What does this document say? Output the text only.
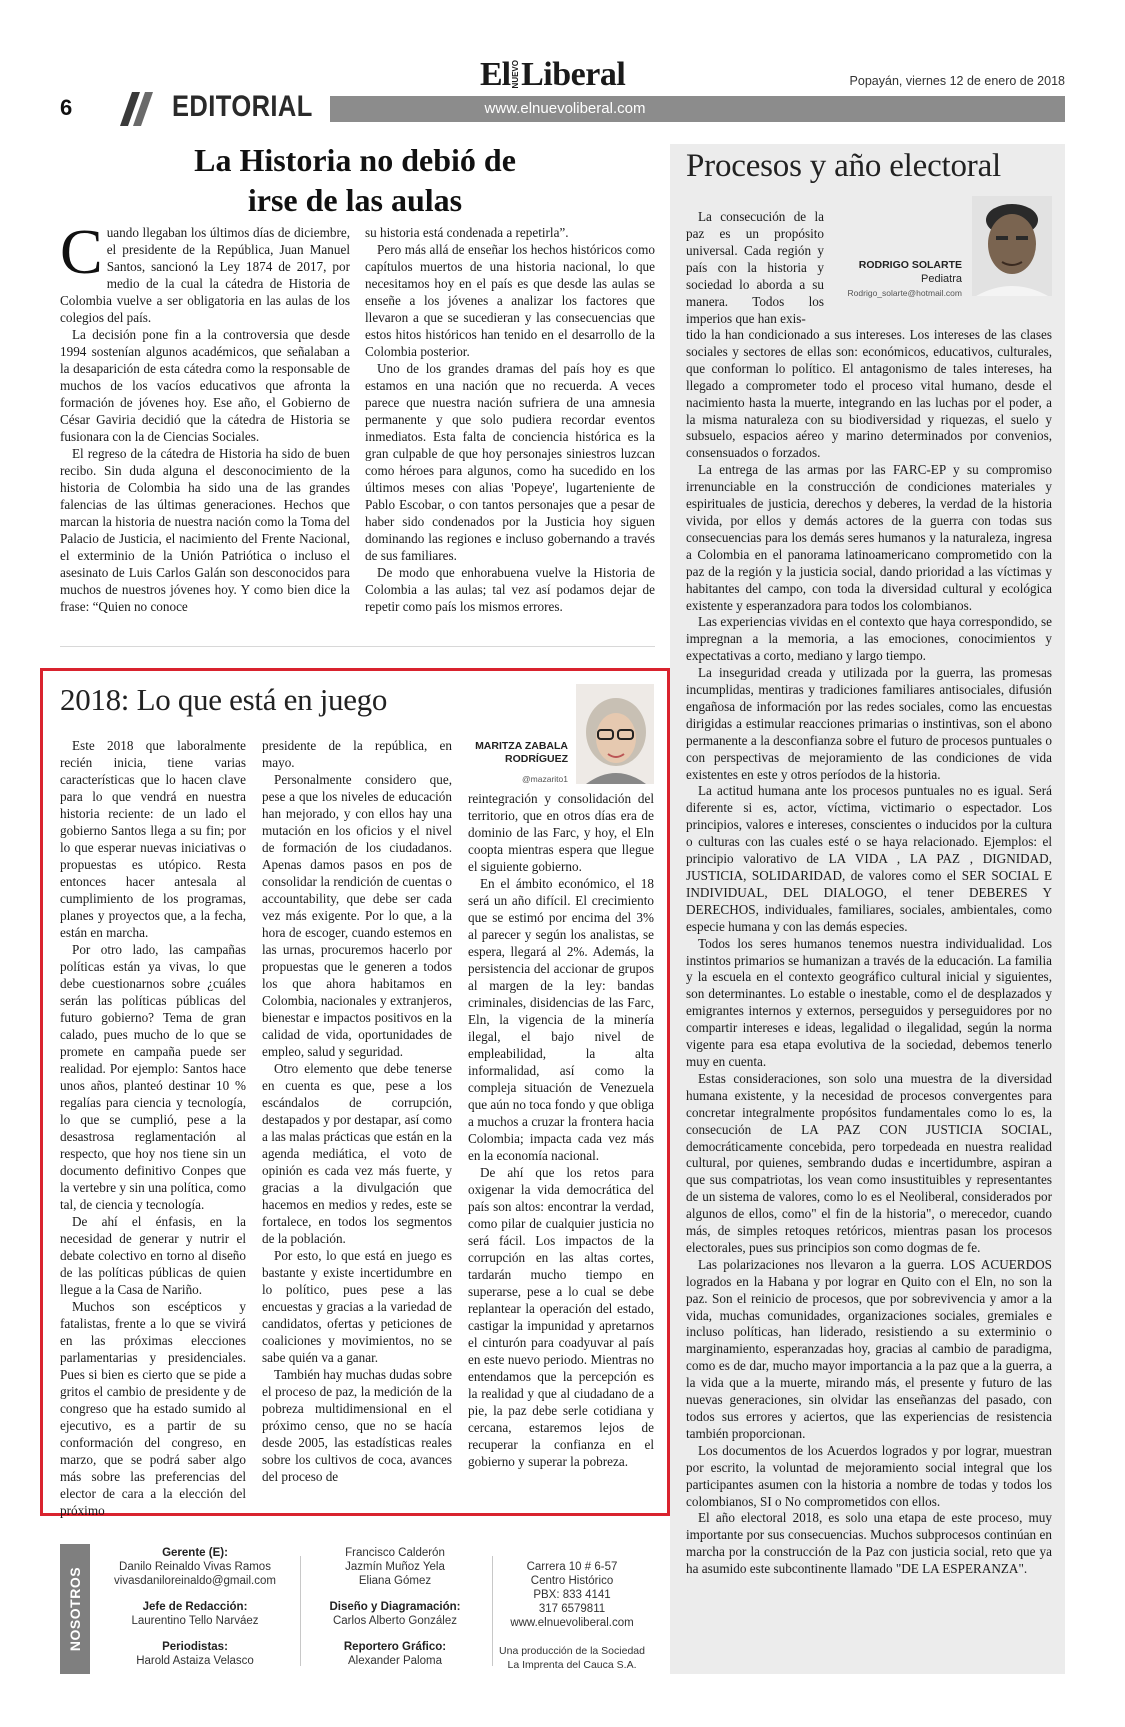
6	EDITORIAL	www.elnuevoliberal.com
El NUEVO Liberal	Popayán, viernes 12 de enero de 2018
La Historia no debió de
irse de las aulas

Cuando llegaban los últimos días de diciembre, el presidente de la República, Juan Manuel Santos, sancionó la Ley 1874 de 2017, por medio de la cual la cátedra de Historia de Colombia vuelve a ser obligatoria en las aulas de los colegios del país.

La decisión pone fin a la controversia que desde 1994 sostenían algunos académicos, que señalaban a la desaparición de esta cátedra como la responsable de muchos de los vacíos educativos que afronta la formación de jóvenes hoy. Ese año, el Gobierno de César Gaviria decidió que la cátedra de Historia se fusionara con la de Ciencias Sociales.

El regreso de la cátedra de Historia ha sido de buen recibo. Sin duda alguna el desconocimiento de la historia de Colombia ha sido una de las grandes falencias de las últimas generaciones. Hechos que marcan la historia de nuestra nación como la Toma del Palacio de Justicia, el nacimiento del Frente Nacional, el exterminio de la Unión Patriótica o incluso el asesinato de Luis Carlos Galán son desconocidos para muchos de nuestros jóvenes hoy. Y como bien dice la frase: “Quien no conoce

su historia está condenada a repetirla”.

Pero más allá de enseñar los hechos históricos como capítulos muertos de una historia nacional, lo que necesitamos hoy en el país es que desde las aulas se enseñe a los jóvenes a analizar los factores que llevaron a que se sucedieran y las consecuencias que estos hitos históricos han tenido en el desarrollo de la Colombia posterior.

Uno de los grandes dramas del país hoy es que estamos en una nación que no recuerda. A veces parece que nuestra nación sufriera de una amnesia permanente y que solo pudiera recordar eventos inmediatos. Esta falta de conciencia histórica es la gran culpable de que hoy personajes siniestros luzcan como héroes para algunos, como ha sucedido en los últimos meses con alias 'Popeye', lugarteniente de Pablo Escobar, o con tantos personajes que a pesar de haber sido condenados por la Justicia hoy siguen dominando las regiones e incluso gobernando a través de sus familiares.

De modo que enhorabuena vuelve la Historia de Colombia a las aulas; tal vez así podamos dejar de repetir como país los mismos errores.

2018: Lo que está en juego
MARITZA ZABALA
RODRÍGUEZ
@mazarito1

Este 2018 que laboralmente recién inicia, tiene varias características que lo hacen clave para lo que vendrá en nuestra historia reciente: de un lado el gobierno Santos llega a su fin; por lo que esperar nuevas iniciativas o propuestas es utópico. Resta entonces hacer antesala al cumplimiento de los programas, planes y proyectos que, a la fecha, están en marcha.

Por otro lado, las campañas políticas están ya vivas, lo que debe cuestionarnos sobre ¿cuáles serán las políticas públicas del futuro gobierno? Tema de gran calado, pues mucho de lo que se promete en campaña puede ser realidad. Por ejemplo: Santos hace unos años, planteó destinar 10 % regalías para ciencia y tecnología, lo que se cumplió, pese a la desastrosa reglamentación al respecto, que hoy nos tiene sin un documento definitivo Conpes que la vertebre y sin una política, como tal, de ciencia y tecnología.

De ahí el énfasis, en la necesidad de generar y nutrir el debate colectivo en torno al diseño de las políticas públicas de quien llegue a la Casa de Nariño.

Muchos son escépticos y fatalistas, frente a lo que se vivirá en las próximas elecciones parlamentarias y presidenciales. Pues si bien es cierto que se pide a gritos el cambio de presidente y de congreso que ha estado sumido al ejecutivo, es a partir de su conformación del congreso, en marzo, que se podrá saber algo más sobre las preferencias del elector de cara a la elección del próximo

presidente de la república, en mayo.

Personalmente considero que, pese a que los niveles de educación han mejorado, y con ellos hay una mutación en los oficios y el nivel de formación de los ciudadanos. Apenas damos pasos en pos de consolidar la rendición de cuentas o accountability, que debe ser cada vez más exigente. Por lo que, a la hora de escoger, cuando estemos en las urnas, procuremos hacerlo por propuestas que le generen a todos los que ahora habitamos en Colombia, nacionales y extranjeros, bienestar e impactos positivos en la calidad de vida, oportunidades de empleo, salud y seguridad.

Otro elemento que debe tenerse en cuenta es que, pese a los escándalos de corrupción, destapados y por destapar, así como a las malas prácticas que están en la agenda mediática, el voto de opinión es cada vez más fuerte, y gracias a la divulgación que hacemos en medios y redes, este se fortalece, en todos los segmentos de la población.

Por esto, lo que está en juego es bastante y existe incertidumbre en lo político, pues pese a las encuestas y gracias a la variedad de candidatos, ofertas y peticiones de coaliciones y movimientos, no se sabe quién va a ganar.

También hay muchas dudas sobre el proceso de paz, la medición de la pobreza multidimensional en el próximo censo, que no se hacía desde 2005, las estadísticas reales sobre los cultivos de coca, avances del proceso de

reintegración y consolidación del territorio, que en otros días era de dominio de las Farc, y hoy, el Eln coopta mientras espera que llegue el siguiente gobierno.

En el ámbito económico, el 18 será un año difícil. El crecimiento que se estimó por encima del 3% al parecer y según los analistas, se espera, llegará al 2%. Además, la persistencia del accionar de grupos al margen de la ley: bandas criminales, disidencias de las Farc, Eln, la vigencia de la minería ilegal, el bajo nivel de empleabilidad, la alta informalidad, así como la compleja situación de Venezuela que aún no toca fondo y que obliga a muchos a cruzar la frontera hacia Colombia; impacta cada vez más en la economía nacional.

De ahí que los retos para oxigenar la vida democrática del país son altos: encontrar la verdad, como pilar de cualquier justicia no será fácil. Los impactos de la corrupción en las altas cortes, tardarán mucho tiempo en superarse, pese a lo cual se debe replantear la operación del estado, castigar la impunidad y apretarnos el cinturón para coadyuvar al país en este nuevo periodo. Mientras no entendamos que la percepción es la realidad y que al ciudadano de a pie, la paz debe serle cotidiana y cercana, estaremos lejos de recuperar la confianza en el gobierno y superar la pobreza.

Procesos y año electoral
RODRIGO SOLARTE
Pediatra
Rodrigo_solarte@hotmail.com

La consecución de la paz es un propósito universal. Cada región y país con la historia y sociedad lo aborda a su manera. Todos los imperios que han exis-

tido la han condicionado a sus intereses. Los intereses de las clases sociales y sectores de ellas son: económicos, educativos, culturales, que conforman lo político. El antagonismo de tales intereses, ha llegado a comprometer todo el proceso vital humano, desde el nacimiento hasta la muerte, integrando en las luchas por el poder, a la misma naturaleza con su biodiversidad y riquezas, el suelo y subsuelo, espacios aéreo y marino determinados por convenios, consensuados o forzados.

La entrega de las armas por las FARC-EP y su compromiso irrenunciable en la construcción de condiciones materiales y espirituales de justicia, derechos y deberes, la verdad de la historia vivida, por ellos y demás actores de la guerra con todas sus consecuencias para los demás seres humanos y la naturaleza, ingresa a Colombia en el panorama latinoamericano comprometido con la paz de la región y la justicia social, dando prioridad a las víctimas y habitantes del campo, con toda la diversidad cultural y ecológica existente y esperanzadora para todos los colombianos.

Las experiencias vividas en el contexto que haya correspondido, se impregnan a la memoria, a las emociones, conocimientos y expectativas a corto, mediano y largo tiempo.

La inseguridad creada y utilizada por la guerra, las promesas incumplidas, mentiras y tradiciones familiares antisociales, difusión engañosa de información por las redes sociales, como las encuestas dirigidas a estimular reacciones primarias o instintivas, son el abono permanente a la desconfianza sobre el futuro de procesos puntuales o con perspectivas de mejoramiento de las condiciones de vida existentes en este y otros períodos de la historia.

La actitud humana ante los procesos puntuales no es igual. Será diferente si es, actor, víctima, victimario o espectador. Los principios, valores e intereses, conscientes o inducidos por la cultura o culturas con las cuales esté o se haya relacionado. Ejemplos: el principio valorativo de LA VIDA , LA PAZ , DIGNIDAD, JUSTICIA, SOLIDARIDAD, de valores como el SER SOCIAL E INDIVIDUAL, DEL DIALOGO, el tener DEBERES Y DERECHOS, individuales, familiares, sociales, ambientales, como especie humana y con las demás especies.

Todos los seres humanos tenemos nuestra individualidad. Los instintos primarios se humanizan a través de la educación. La familia y la escuela en el contexto geográfico cultural inicial y siguientes, son determinantes. Lo estable o inestable, como el de desplazados y emigrantes internos y externos, perseguidos y perseguidores por no compartir intereses e ideas, legalidad o ilegalidad, según la norma vigente para esa etapa evolutiva de la sociedad, debemos tenerlo muy en cuenta.

Estas consideraciones, son solo una muestra de la diversidad humana existente, y la necesidad de procesos convergentes para concretar integralmente propósitos fundamentales como lo es, la consecución de LA PAZ CON JUSTICIA SOCIAL, democráticamente concebida, pero torpedeada en nuestra realidad cultural, por quienes, sembrando dudas e incertidumbre, aspiran a que sus compatriotas, los vean como insustituibles y representantes de un sistema de valores, como lo es el Neoliberal, considerados por algunos de ellos, como" el fin de la historia", o merecedor, cuando más, de simples retoques retóricos, mientras pasan los procesos electorales, pues sus principios son como dogmas de fe.

Las polarizaciones nos llevaron a la guerra. LOS ACUERDOS logrados en la Habana y por lograr en Quito con el Eln, no son la paz. Son el reinicio de procesos, que por sobrevivencia y amor a la vida, muchas comunidades, organizaciones sociales, gremiales e incluso políticas, han liderado, resistiendo a su exterminio o marginamiento, esperanzadas hoy, gracias al cambio de paradigma, como es de dar, mucho mayor importancia a la paz que a la guerra, a la vida que a la muerte, mirando más, el presente y futuro de las nuevas generaciones, sin olvidar las enseñanzas del pasado, con todos sus errores y aciertos, que las experiencias de resistencia también proporcionan.

Los documentos de los Acuerdos logrados y por lograr, muestran por escrito, la voluntad de mejoramiento social integral que los participantes asumen con la historia a nombre de todas y todos los colombianos, SI o No comprometidos con ellos.

El año electoral 2018, es solo una etapa de este proceso, muy importante por sus consecuencias. Muchos subprocesos continúan en marcha por la construcción de la Paz con justicia social, reto que ya ha asumido este subcontinente llamado "DE LA ESPERANZA".

NOSOTROS
Gerente (E):
Danilo Reinaldo Vivas Ramos
vivasdaniloreinaldo@gmail.com
Jefe de Redacción:
Laurentino Tello Narváez
Periodistas:
Harold Astaiza Velasco
Francisco Calderón
Jazmín Muñoz Yela
Eliana Gómez
Diseño y Diagramación:
Carlos Alberto González
Reportero Gráfico:
Alexander Paloma
Carrera 10 # 6-57
Centro Histórico
PBX: 833 4141
317 6579811
www.elnuevoliberal.com
Una producción de la Sociedad
La Imprenta del Cauca S.A.
